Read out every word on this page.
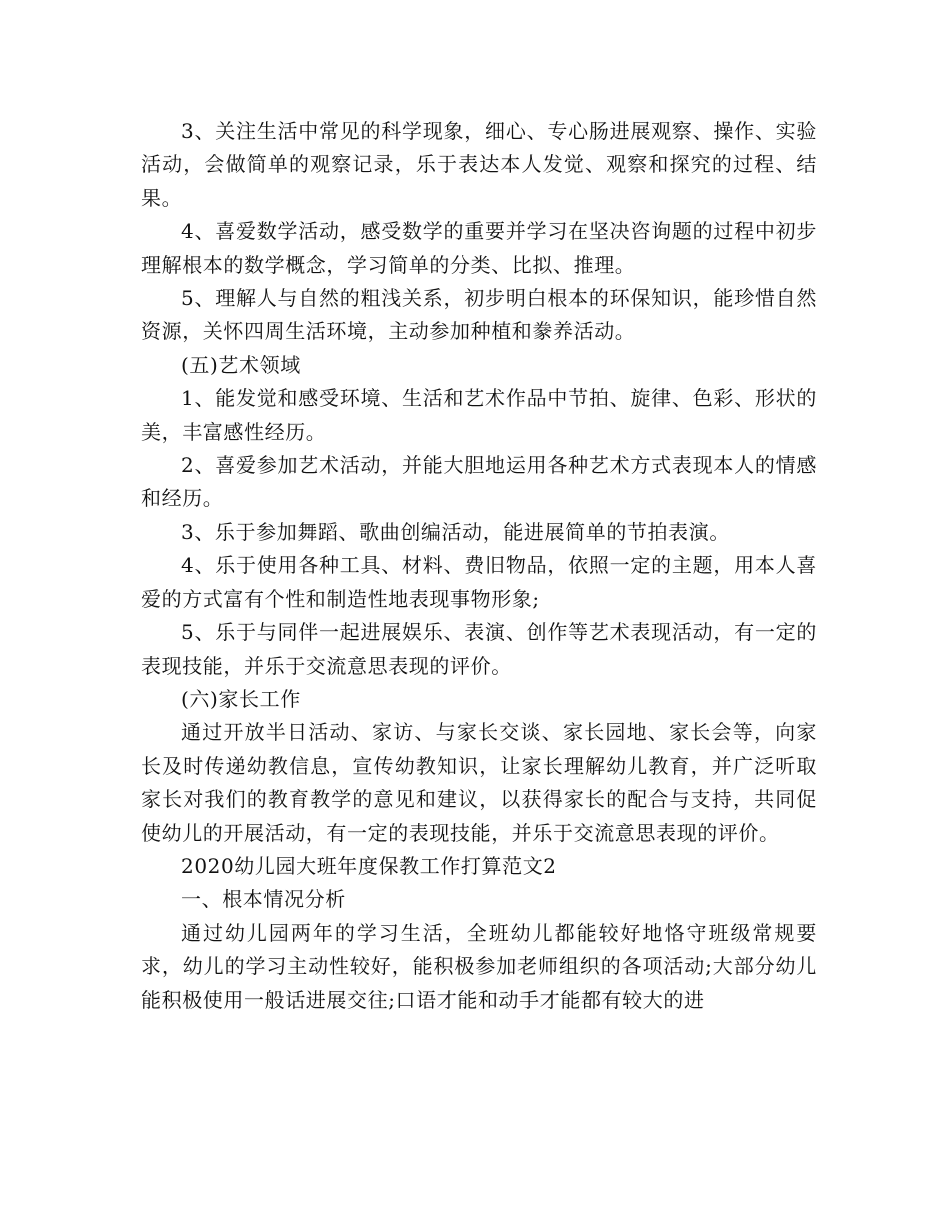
3、关注生活中常见的科学现象，细心、专心肠进展观察、操作、实验活动，会做简单的观察记录，乐于表达本人发觉、观察和探究的过程、结果。

4、喜爱数学活动，感受数学的重要并学习在坚决咨询题的过程中初步理解根本的数学概念，学习简单的分类、比拟、推理。

5、理解人与自然的粗浅关系，初步明白根本的环保知识，能珍惜自然资源，关怀四周生活环境，主动参加种植和豢养活动。

(五)艺术领域

1、能发觉和感受环境、生活和艺术作品中节拍、旋律、色彩、形状的美，丰富感性经历。

2、喜爱参加艺术活动，并能大胆地运用各种艺术方式表现本人的情感和经历。

3、乐于参加舞蹈、歌曲创编活动，能进展简单的节拍表演。

4、乐于使用各种工具、材料、费旧物品，依照一定的主题，用本人喜爱的方式富有个性和制造性地表现事物形象;

5、乐于与同伴一起进展娱乐、表演、创作等艺术表现活动，有一定的表现技能，并乐于交流意思表现的评价。

(六)家长工作

通过开放半日活动、家访、与家长交谈、家长园地、家长会等，向家长及时传递幼教信息，宣传幼教知识，让家长理解幼儿教育，并广泛听取家长对我们的教育教学的意见和建议，以获得家长的配合与支持，共同促使幼儿的开展活动，有一定的表现技能，并乐于交流意思表现的评价。

2020幼儿园大班年度保教工作打算范文2

一、根本情况分析

通过幼儿园两年的学习生活，全班幼儿都能较好地恪守班级常规要求，幼儿的学习主动性较好，能积极参加老师组织的各项活动;大部分幼儿能积极使用一般话进展交往;口语才能和动手才能都有较大的进
